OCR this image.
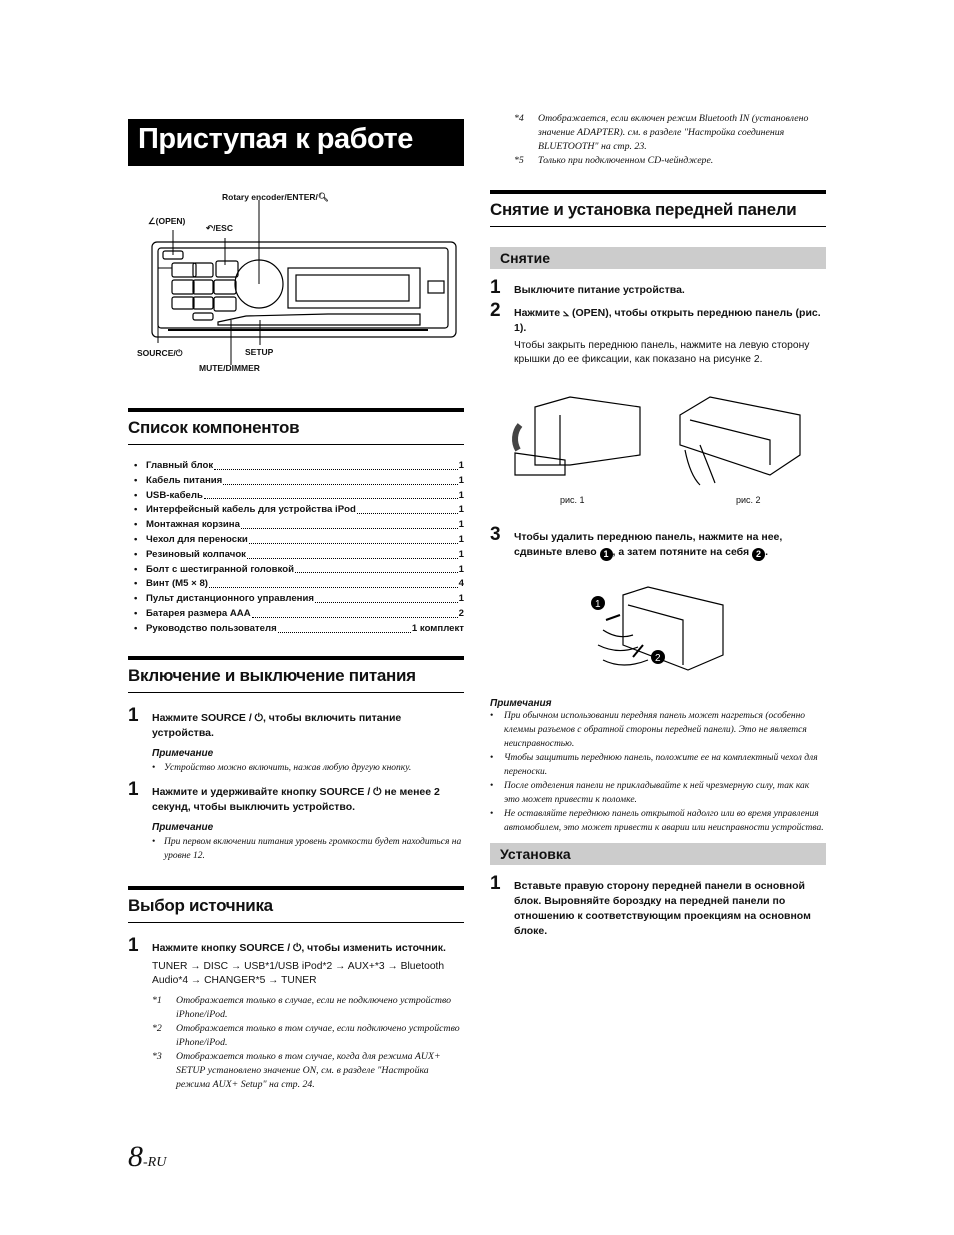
Приступая к работе
Rotary encoder/ENTER/🔍︎
∠(OPEN)
↶/ESC
SOURCE/⏻	SETUP
MUTE/DIMMER
Список компонентов
• Главный блок	1
• Кабель питания	1
• USB-кабель	1
• Интерфейсный кабель для устройства iPod	1
• Монтажная корзина	1
• Чехол для переноски	1
• Резиновый колпачок	1
• Болт с шестигранной головкой	1
• Винт (M5 × 8)	4
• Пульт дистанционного управления	1
• Батарея размера AAA	2
• Руководство пользователя	1 комплект
Включение и выключение питания
1 Нажмите SOURCE / ⏻, чтобы включить питание устройства.
Примечание
• Устройство можно включить, нажав любую другую кнопку.
1 Нажмите и удерживайте кнопку SOURCE / ⏻ не менее 2 секунд, чтобы выключить устройство.
Примечание
• При первом включении питания уровень громкости будет находиться на уровне 12.
Выбор источника
1 Нажмите кнопку SOURCE / ⏻, чтобы изменить источник.
TUNER → DISC → USB*1/USB iPod*2 → AUX+*3 → Bluetooth Audio*4 → CHANGER*5 → TUNER
*1 Отображается только в случае, если не подключено устройство iPhone/iPod.
*2 Отображается только в том случае, если подключено устройство iPhone/iPod.
*3 Отображается только в том случае, когда для режима AUX+ SETUP установлено значение ON, см. в разделе "Настройка режима AUX+ Setup" на стр. 24.
*4 Отображается, если включен режим Bluetooth IN (установлено значение ADAPTER). см. в разделе "Настройка соединения BLUETOOTH" на стр. 23.
*5 Только при подключенном CD-чейнджере.
Снятие и установка передней панели
Снятие
1 Выключите питание устройства.
2 Нажмите ⦣ (OPEN), чтобы открыть переднюю панель (рис. 1).
Чтобы закрыть переднюю панель, нажмите на левую сторону крышки до ее фиксации, как показано на рисунке 2.
рис. 1	рис. 2
3 Чтобы удалить переднюю панель, нажмите на нее, сдвиньте влево 1 , а затем потяните на себя 2 .
1
2
Примечания
• При обычном использовании передняя панель может нагреться (особенно клеммы разъемов с обратной стороны передней панели). Это не является неисправностью.
• Чтобы защитить переднюю панель, положите ее на комплектный чехол для переноски.
• После отделения панели не прикладывайте к ней чрезмерную силу, так как это может привести к поломке.
• Не оставляйте переднюю панель открытой надолго или во время управления автомобилем, это может привести к аварии или неисправности устройства.
Установка
1 Вставьте правую сторону передней панели в основной блок. Выровняйте бороздку на передней панели по отношению к соответствующим проекциям на основном блоке.
8-RU
